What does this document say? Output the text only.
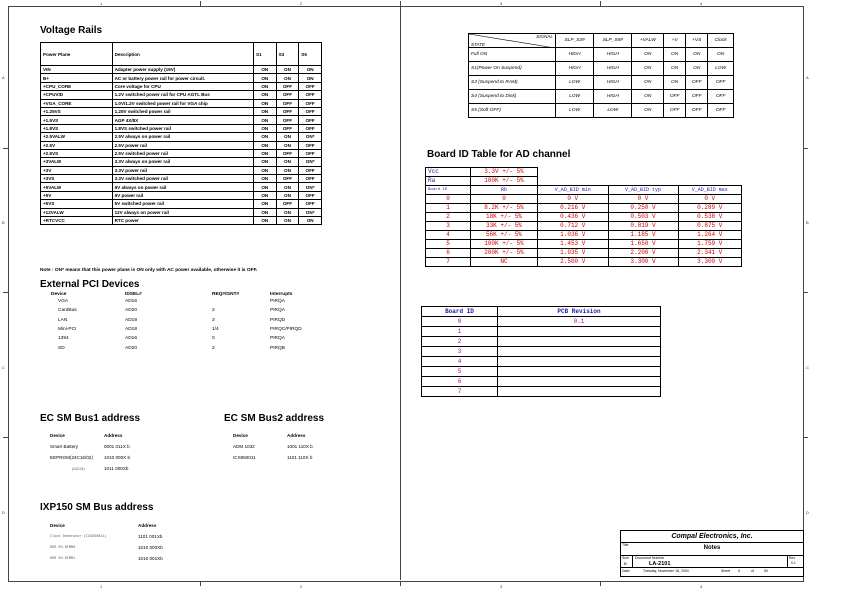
1	2	3	4
1	2	3	4
A
B
C
D
A
B
C
D
Voltage Rails
Power Plane	Description	S1	S3	S5
VIN	Adapter power supply (19V)	ON	ON	ON
B+	AC or battery power rail for power circuit.	ON	ON	ON
+CPU_CORE	Core voltage for CPU	ON	OFF	OFF
+CPUVID	1.2V switched power rail for CPU AGTL Bus	ON	OFF	OFF
+VGA_CORE	1.0V/1.2V switched power rail for VGA chip	ON	OFF	OFF
+1.25VS	1.25V switched power rail	ON	OFF	OFF
+1.5VS	AGP 4X/8X	ON	OFF	OFF
+1.8VS	1.8VS switched power rail	ON	OFF	OFF
+2.5VALW	2.5V always on power rail	ON	ON	ON*
+2.5V	2.5V power rail	ON	ON	OFF
+2.5VS	2.5V switched power rail	ON	OFF	OFF
+3VALW	3.3V always on power rail	ON	ON	ON*
+3V	3.3V power rail	ON	ON	OFF
+3VS	3.3V switched power rail	ON	OFF	OFF
+5VALW	5V always on power rail	ON	ON	ON*
+5V	5V power rail	ON	ON	OFF
+5VS	5V switched power rail	ON	OFF	OFF
+12VALW	12V always on power rail	ON	ON	ON*
+RTCVCC	RTC power	ON	ON	ON
Note : ON* means that this power plane is ON only with AC power available, otherwise it is OFF.
External PCI Devices
Device	IDSEL#	REQ#/GNT#	Interrupts
VGA	AD16		PIRQA
CardBus	AD20	2	PIRQA
LAN	AD19	3	PIRQD
Mini-PCI	AD18	1/4	PIRQC/PIRQD
1394	AD16	0	PIRQA
SD	AD20	2	PIRQB
EC SM Bus1 address
Device	Address
Smart Battery	0001 011X b
EEPROM(24C16/02)	1010 000X b
(24C04)	1011 000Xb
EC SM Bus2 address
Device	Address
ADM 1032	1001 110X b
ICS950011	1101 110X b
IXP150 SM Bus address
Device	Address
Clock Generator (ICS950811)	1101 001Xb
DDR SO-DIMM0	1010 000Xb
DDR SO-DIMM1	1010 001Xb
SIGNAL
STATE	SLP_S3#	SLP_S5#	+VALW	+V	+VS	Clock
Full ON	HIGH	HIGH	ON	ON	ON	ON
S1(Power On Suspend)	HIGH	HIGH	ON	ON	ON	LOW
S3 (Suspend to RAM)	LOW	HIGH	ON	ON	OFF	OFF
S4 (Suspend to Disk)	LOW	HIGH	ON	OFF	OFF	OFF
S5 (Soft OFF)	LOW	LOW	ON	OFF	OFF	OFF
Board ID Table for AD channel
Vcc	3.3V +/- 5%			
Ra	100K +/- 5%			
Board ID	Rb	V_AD_BID min	V_AD_BID typ	V_AD_BID max
0	0	0 V	0 V	0 V
1	8.2K +/- 5%	0.216 V	0.250 V	0.289 V
2	18K +/- 5%	0.436 V	0.503 V	0.538 V
3	33K +/- 5%	0.712 V	0.819 V	0.875 V
4	56K +/- 5%	1.036 V	1.185 V	1.264 V
5	100K +/- 5%	1.453 V	1.650 V	1.759 V
6	200K +/- 5%	1.935 V	2.200 V	2.341 V
7	NC	2.500 V	3.300 V	3.300 V
Board ID	PCB Revision
0	0.1
1	
2	
3	
4	
5	
6	
7	
Compal Electronics, Inc.
Title	Notes
Size
B
Document Number
LA-2101
Rev
0.1
Date:	Tuesday, November 16, 2004	Sheet 5	of	50
